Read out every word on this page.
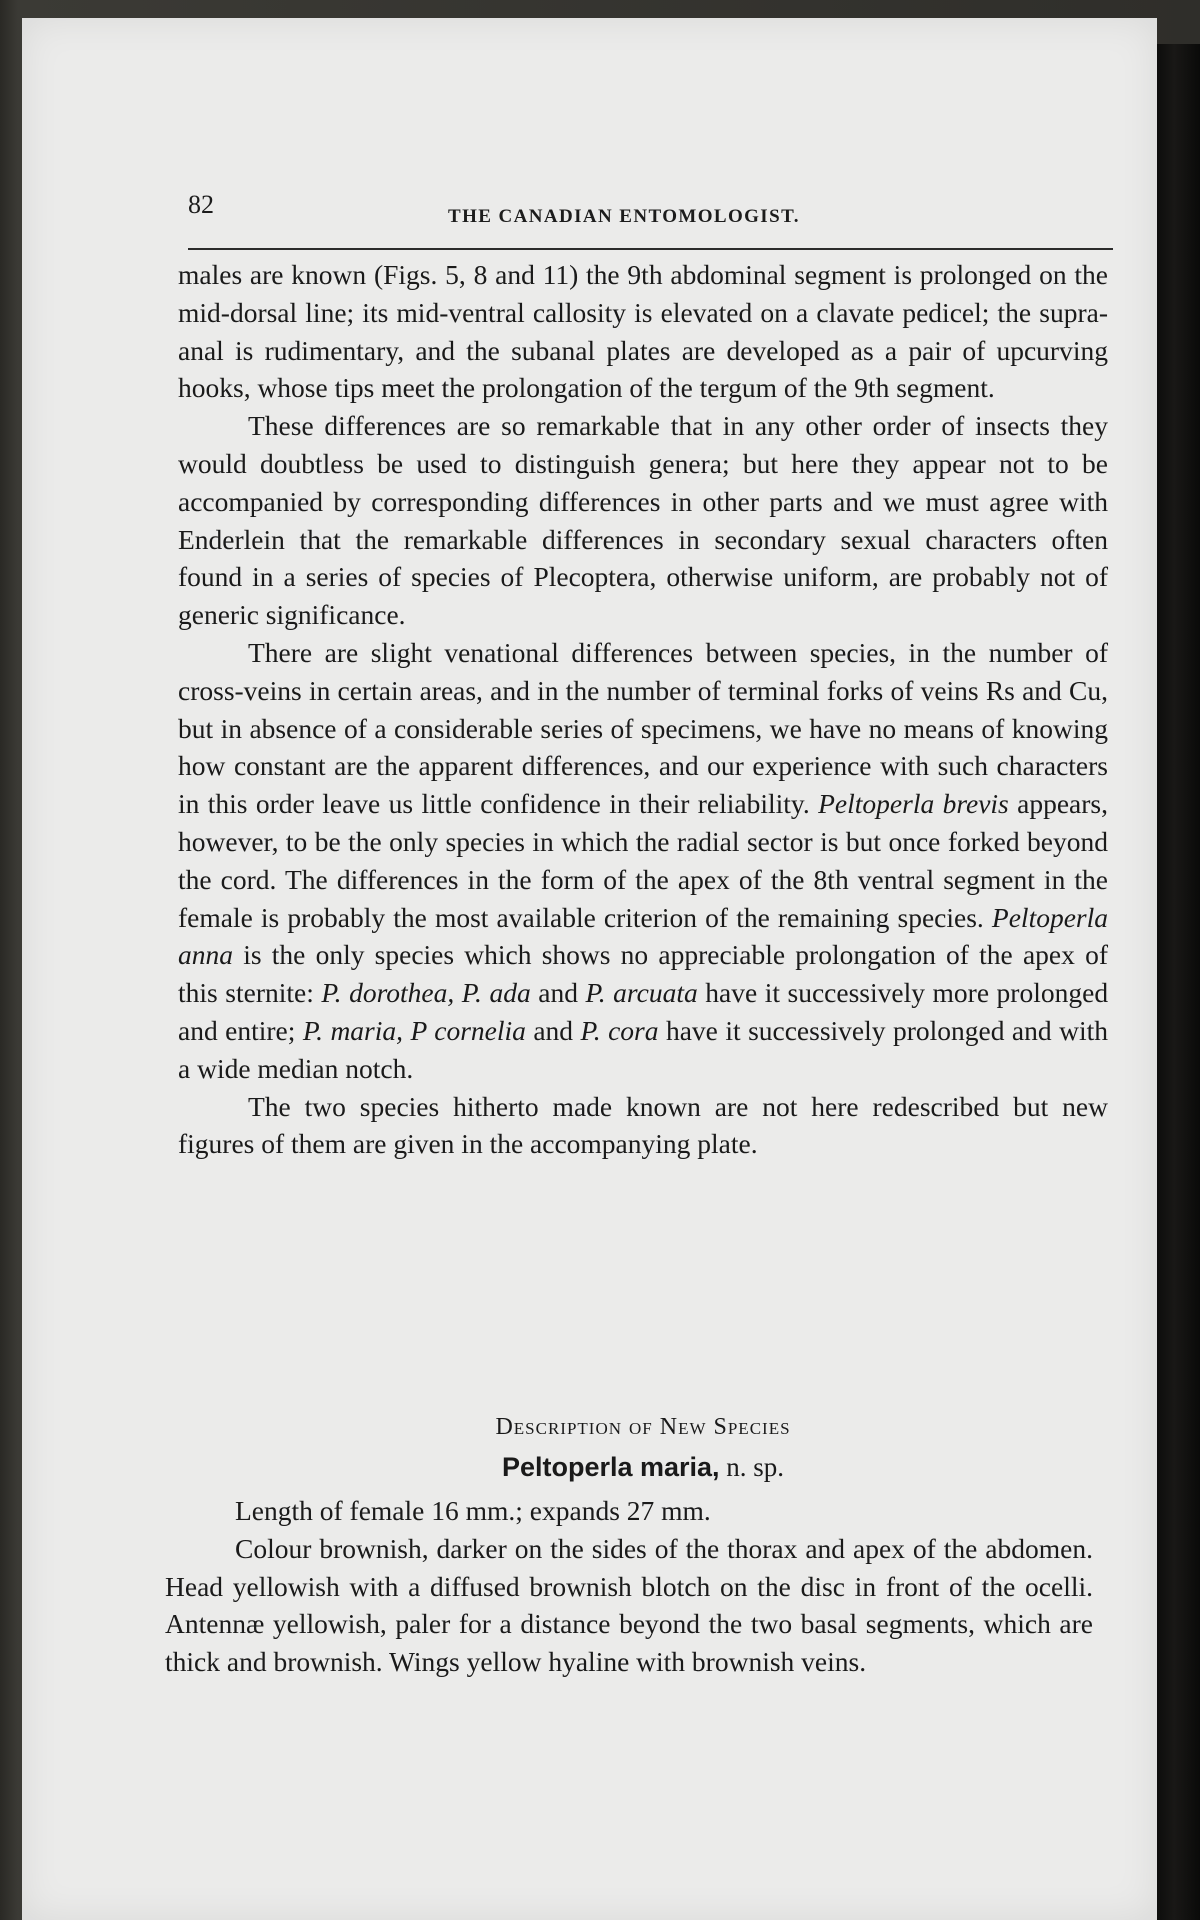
82	THE CANADIAN ENTOMOLOGIST.

males are known (Figs. 5, 8 and 11) the 9th abdominal segment is prolonged on the mid-dorsal line; its mid-ventral callosity is elevated on a clavate pedicel; the supra-anal is rudimentary, and the subanal plates are developed as a pair of upcurving hooks, whose tips meet the prolongation of the tergum of the 9th segment.

These differences are so remarkable that in any other order of insects they would doubtless be used to distinguish genera; but here they appear not to be accompanied by corresponding differences in other parts and we must agree with Enderlein that the remarkable differences in secondary sexual characters often found in a series of species of Plecoptera, otherwise uniform, are probably not of generic significance.

There are slight venational differences between species, in the number of cross-veins in certain areas, and in the number of terminal forks of veins Rs and Cu, but in absence of a considerable series of specimens, we have no means of knowing how constant are the apparent differences, and our experience with such characters in this order leave us little confidence in their reliability. Peltoperla brevis appears, however, to be the only species in which the radial sector is but once forked beyond the cord. The differences in the form of the apex of the 8th ventral segment in the female is probably the most available criterion of the remaining species. Peltoperla anna is the only species which shows no appreciable prolongation of the apex of this sternite: P. dorothea, P. ada and P. arcuata have it successively more prolonged and entire; P. maria, P cornelia and P. cora have it successively prolonged and with a wide median notch.

The two species hitherto made known are not here redescribed but new figures of them are given in the accompanying plate.

Description of New Species
Peltoperla maria, n. sp.

Length of female 16 mm.; expands 27 mm.

Colour brownish, darker on the sides of the thorax and apex of the abdomen. Head yellowish with a diffused brownish blotch on the disc in front of the ocelli. Antennæ yellowish, paler for a distance beyond the two basal segments, which are thick and brownish. Wings yellow hyaline with brownish veins.
